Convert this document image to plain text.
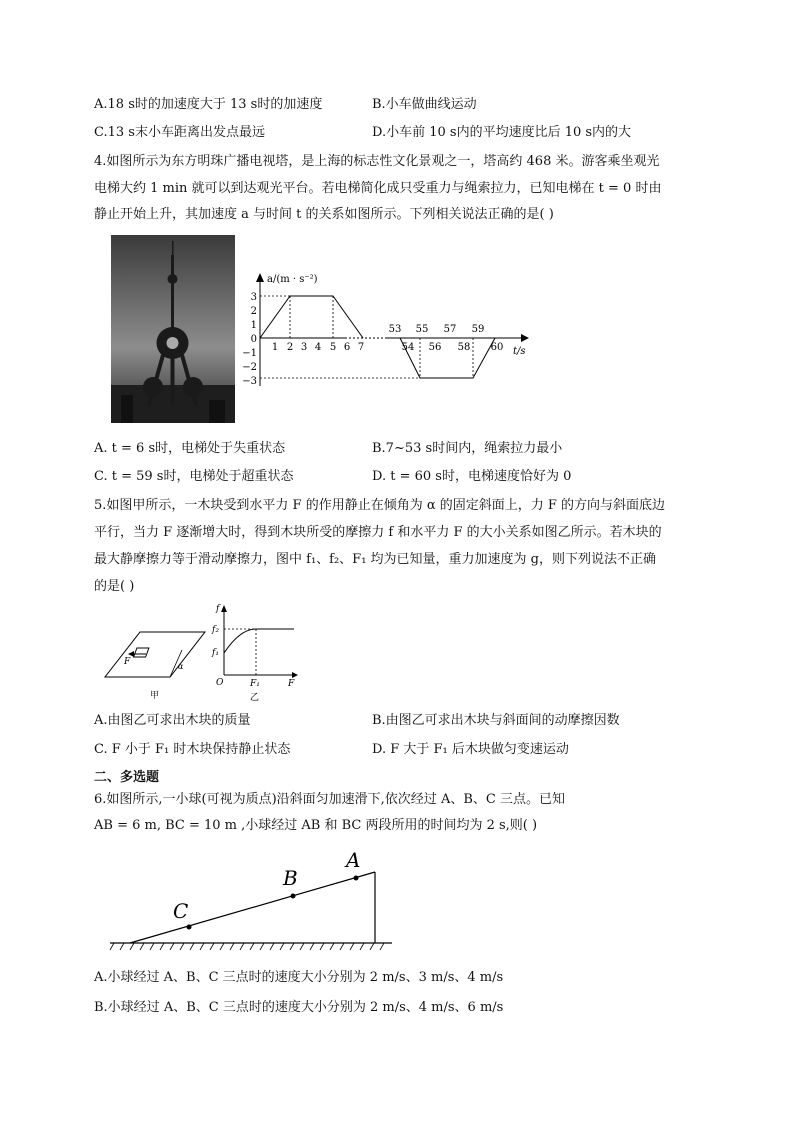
A.18 s时的加速度大于 13 s时的加速度	B.小车做曲线运动
C.13 s末小车距离出发点最远	D.小车前 10 s内的平均速度比后 10 s内的大
4.如图所示为东方明珠广播电视塔，是上海的标志性文化景观之一，塔高约 468 米。游客乘坐观光
电梯大约 1 min 就可以到达观光平台。若电梯简化成只受重力与绳索拉力，已知电梯在 t = 0 时由
静止开始上升，其加速度 a 与时间 t 的关系如图所示。下列相关说法正确的是( )
a/(m · s⁻²)
t/s
3
2
1
0
−1
−2
−3
1 2 3 4 5 6 7
53 55 57 59
54 56 58 60
A. t = 6 s时，电梯处于失重状态	B.7~53 s时间内，绳索拉力最小
C. t = 59 s时，电梯处于超重状态	D. t = 60 s时，电梯速度恰好为 0
5.如图甲所示，一木块受到水平力 F 的作用静止在倾角为 α 的固定斜面上，力 F 的方向与斜面底边
平行，当力 F 逐渐增大时，得到木块所受的摩擦力 f 和水平力 F 的大小关系如图乙所示。若木块的
最大静摩擦力等于滑动摩擦力，图中 f₁、f₂、F₁ 均为已知量，重力加速度为 g，则下列说法不正确
的是( )
F	α
甲
f
f₂
f₁
O	F₁	F
乙
A.由图乙可求出木块的质量	B.由图乙可求出木块与斜面间的动摩擦因数
C. F 小于 F₁ 时木块保持静止状态	D. F 大于 F₁ 后木块做匀变速运动
二、多选题
6.如图所示,一小球(可视为质点)沿斜面匀加速滑下,依次经过 A、B、C 三点。已知
AB = 6 m, BC = 10 m ,小球经过 AB 和 BC 两段所用的时间均为 2 s,则( )
A
B
C
A.小球经过 A、B、C 三点时的速度大小分别为 2 m/s、3 m/s、4 m/s
B.小球经过 A、B、C 三点时的速度大小分别为 2 m/s、4 m/s、6 m/s
